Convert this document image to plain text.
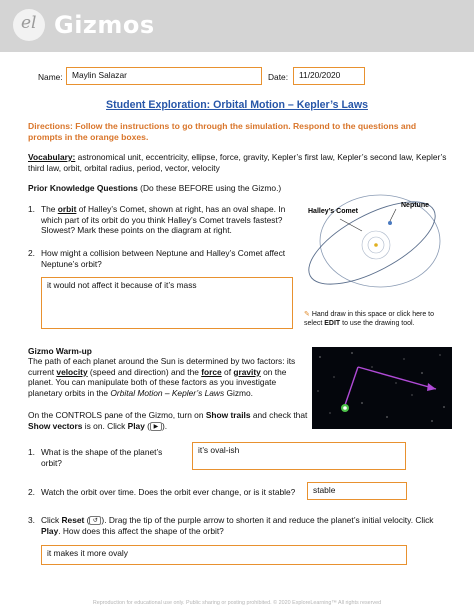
el Gizmos
Name:	Maylin Salazar	Date:	11/20/2020
Student Exploration: Orbital Motion – Kepler’s Laws
Directions: Follow the instructions to go through the simulation. Respond to the questions and prompts in the orange boxes.
Vocabulary: astronomical unit, eccentricity, ellipse, force, gravity, Kepler’s first law, Kepler’s second law, Kepler’s third law, orbit, orbital radius, period, vector, velocity
Prior Knowledge Questions (Do these BEFORE using the Gizmo.)
1. The orbit of Halley’s Comet, shown at right, has an oval shape. In which part of its orbit do you think Halley’s Comet travels fastest? Slowest? Mark these points on the diagram at right.
2. How might a collision between Neptune and Halley’s Comet affect Neptune’s orbit?
it would not affect it because of it’s mass
Neptune
Halley’s Comet
✎ Hand draw in this space or click here to select EDIT to use the drawing tool.
Gizmo Warm-up
The path of each planet around the Sun is determined by two factors: its current velocity (speed and direction) and the force of gravity on the planet. You can manipulate both of these factors as you investigate planetary orbits in the Orbital Motion – Kepler’s Laws Gizmo.
On the CONTROLS pane of the Gizmo, turn on Show trails and check that Show vectors is on. Click Play ( ▶ ).
1. What is the shape of the planet’s orbit?
it’s oval-ish
2. Watch the orbit over time. Does the orbit ever change, or is it stable?	stable
3. Click Reset ( ↺ ). Drag the tip of the purple arrow to shorten it and reduce the planet’s initial velocity. Click Play. How does this affect the shape of the orbit?
it makes it more ovaly
Reproduction for educational use only. Public sharing or posting prohibited. © 2020 ExploreLearning™ All rights reserved
